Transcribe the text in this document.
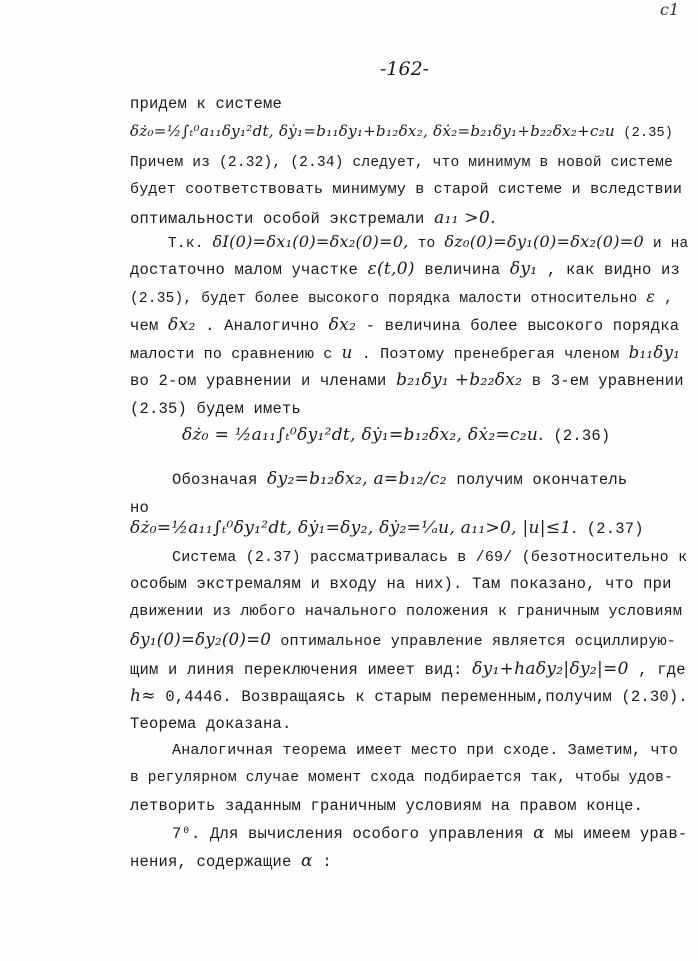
с1
-162-
придем к системе
δż₀=½∫ₜ⁰a₁₁δy₁²dt, δẏ₁=b₁₁δy₁+b₁₂δx₂, δẋ₂=b₂₁δy₁+b₂₂δx₂+c₂u (2.35)
Причем из (2.32), (2.34) следует, что минимум в новой системе
будет соответствовать минимуму в старой системе и вследствии
оптимальности особой экстремали a₁₁ >0.
Т.к. δI(0)=δx₁(0)=δx₂(0)=0, то δz₀(0)=δy₁(0)=δx₂(0)=0 и на
достаточно малом участке ε(t,0) величина δy₁ , как видно из
(2.35), будет более высокого порядка малости относительно ε ,
чем δx₂ . Аналогично δx₂ - величина более высокого порядка
малости по сравнению с u . Поэтому пренебрегая членом b₁₁δy₁
во 2-ом уравнении и членами b₂₁δy₁ +b₂₂δx₂ в 3-ем уравнении
(2.35) будем иметь
δż₀ = ½a₁₁∫ₜ⁰δy₁²dt, δẏ₁=b₁₂δx₂, δẋ₂=c₂u. (2.36)
Обозначая δy₂=b₁₂δx₂, a=b₁₂/c₂ получим окончатель
но
δż₀=½a₁₁∫ₜ⁰δy₁²dt, δẏ₁=δy₂, δẏ₂=¹⁄ₐu, a₁₁>0, |u|≤1. (2.37)
Система (2.37) рассматривалась в /69/ (безотносительно к
особым экстремалям и входу на них). Там показано, что при
движении из любого начального положения к граничным условиям
δy₁(0)=δy₂(0)=0 оптимальное управление является осциллирую-
щим и линия переключения имеет вид: δy₁+haδy₂|δy₂|=0 , где
h≈ 0,4446. Возвращаясь к старым переменным,получим (2.30).
Теорема доказана.
Аналогичная теорема имеет место при сходе. Заметим, что
в регулярном случае момент схода подбирается так, чтобы удов-
летворить заданным граничным условиям на правом конце.
7⁰. Для вычисления особого управления α мы имеем урав-
нения, содержащие α :
